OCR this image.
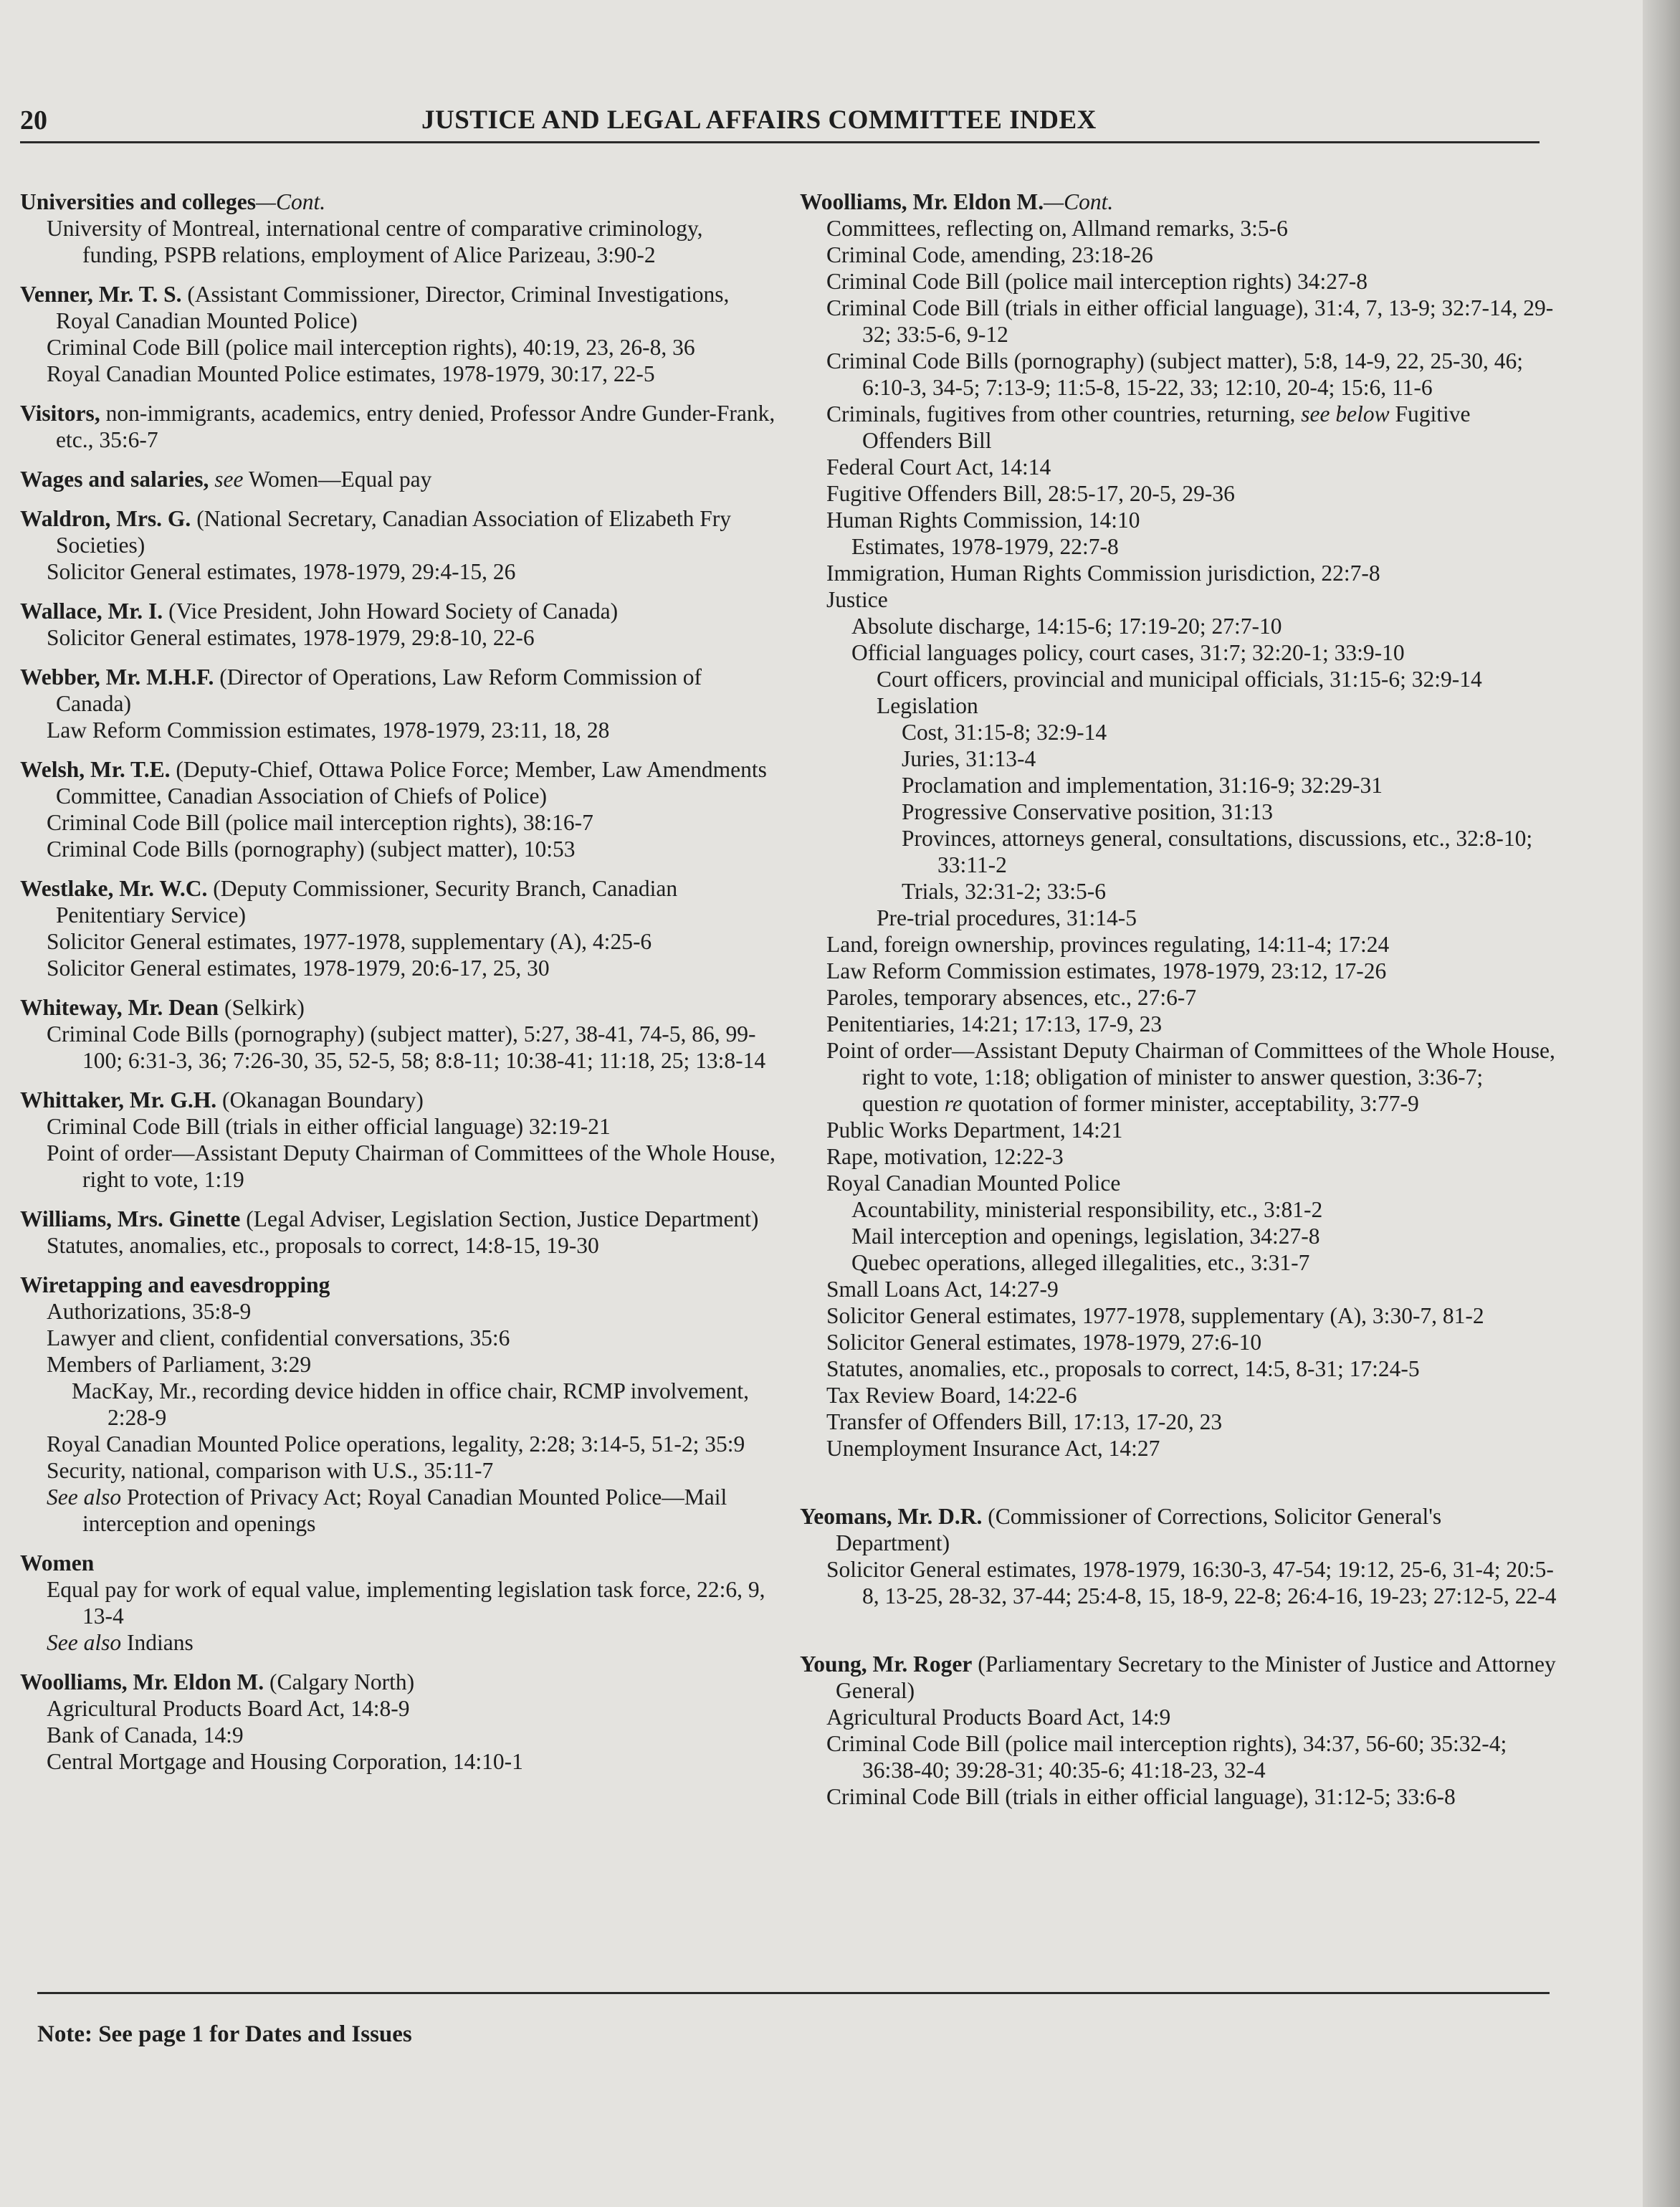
20	JUSTICE AND LEGAL AFFAIRS COMMITTEE INDEX
Universities and colleges—Cont.
University of Montreal, international centre of comparative criminology, funding, PSPB relations, employment of Alice Parizeau, 3:90-2
Venner, Mr. T. S. (Assistant Commissioner, Director, Criminal Investigations, Royal Canadian Mounted Police)
Criminal Code Bill (police mail interception rights), 40:19, 23, 26-8, 36
Royal Canadian Mounted Police estimates, 1978-1979, 30:17, 22-5
Visitors, non-immigrants, academics, entry denied, Professor Andre Gunder-Frank, etc., 35:6-7
Wages and salaries, see Women—Equal pay
Waldron, Mrs. G. (National Secretary, Canadian Association of Elizabeth Fry Societies)
Solicitor General estimates, 1978-1979, 29:4-15, 26
Wallace, Mr. I. (Vice President, John Howard Society of Canada)
Solicitor General estimates, 1978-1979, 29:8-10, 22-6
Webber, Mr. M.H.F. (Director of Operations, Law Reform Commission of Canada)
Law Reform Commission estimates, 1978-1979, 23:11, 18, 28
Welsh, Mr. T.E. (Deputy-Chief, Ottawa Police Force; Member, Law Amendments Committee, Canadian Association of Chiefs of Police)
Criminal Code Bill (police mail interception rights), 38:16-7
Criminal Code Bills (pornography) (subject matter), 10:53
Westlake, Mr. W.C. (Deputy Commissioner, Security Branch, Canadian Penitentiary Service)
Solicitor General estimates, 1977-1978, supplementary (A), 4:25-6
Solicitor General estimates, 1978-1979, 20:6-17, 25, 30
Whiteway, Mr. Dean (Selkirk)
Criminal Code Bills (pornography) (subject matter), 5:27, 38-41, 74-5, 86, 99-100; 6:31-3, 36; 7:26-30, 35, 52-5, 58; 8:8-11; 10:38-41; 11:18, 25; 13:8-14
Whittaker, Mr. G.H. (Okanagan Boundary)
Criminal Code Bill (trials in either official language) 32:19-21
Point of order—Assistant Deputy Chairman of Committees of the Whole House, right to vote, 1:19
Williams, Mrs. Ginette (Legal Adviser, Legislation Section, Justice Department)
Statutes, anomalies, etc., proposals to correct, 14:8-15, 19-30
Wiretapping and eavesdropping
Authorizations, 35:8-9
Lawyer and client, confidential conversations, 35:6
Members of Parliament, 3:29
MacKay, Mr., recording device hidden in office chair, RCMP involvement, 2:28-9
Royal Canadian Mounted Police operations, legality, 2:28; 3:14-5, 51-2; 35:9
Security, national, comparison with U.S., 35:11-7
See also Protection of Privacy Act; Royal Canadian Mounted Police—Mail interception and openings
Women
Equal pay for work of equal value, implementing legislation task force, 22:6, 9, 13-4
See also Indians
Woolliams, Mr. Eldon M. (Calgary North)
Agricultural Products Board Act, 14:8-9
Bank of Canada, 14:9
Central Mortgage and Housing Corporation, 14:10-1
Woolliams, Mr. Eldon M.—Cont.
Committees, reflecting on, Allmand remarks, 3:5-6
Criminal Code, amending, 23:18-26
Criminal Code Bill (police mail interception rights) 34:27-8
Criminal Code Bill (trials in either official language), 31:4, 7, 13-9; 32:7-14, 29-32; 33:5-6, 9-12
Criminal Code Bills (pornography) (subject matter), 5:8, 14-9, 22, 25-30, 46; 6:10-3, 34-5; 7:13-9; 11:5-8, 15-22, 33; 12:10, 20-4; 15:6, 11-6
Criminals, fugitives from other countries, returning, see below Fugitive Offenders Bill
Federal Court Act, 14:14
Fugitive Offenders Bill, 28:5-17, 20-5, 29-36
Human Rights Commission, 14:10
Estimates, 1978-1979, 22:7-8
Immigration, Human Rights Commission jurisdiction, 22:7-8
Justice
Absolute discharge, 14:15-6; 17:19-20; 27:7-10
Official languages policy, court cases, 31:7; 32:20-1; 33:9-10
Court officers, provincial and municipal officials, 31:15-6; 32:9-14
Legislation
Cost, 31:15-8; 32:9-14
Juries, 31:13-4
Proclamation and implementation, 31:16-9; 32:29-31
Progressive Conservative position, 31:13
Provinces, attorneys general, consultations, discussions, etc., 32:8-10; 33:11-2
Trials, 32:31-2; 33:5-6
Pre-trial procedures, 31:14-5
Land, foreign ownership, provinces regulating, 14:11-4; 17:24
Law Reform Commission estimates, 1978-1979, 23:12, 17-26
Paroles, temporary absences, etc., 27:6-7
Penitentiaries, 14:21; 17:13, 17-9, 23
Point of order—Assistant Deputy Chairman of Committees of the Whole House, right to vote, 1:18; obligation of minister to answer question, 3:36-7; question re quotation of former minister, acceptability, 3:77-9
Public Works Department, 14:21
Rape, motivation, 12:22-3
Royal Canadian Mounted Police
Acountability, ministerial responsibility, etc., 3:81-2
Mail interception and openings, legislation, 34:27-8
Quebec operations, alleged illegalities, etc., 3:31-7
Small Loans Act, 14:27-9
Solicitor General estimates, 1977-1978, supplementary (A), 3:30-7, 81-2
Solicitor General estimates, 1978-1979, 27:6-10
Statutes, anomalies, etc., proposals to correct, 14:5, 8-31; 17:24-5
Tax Review Board, 14:22-6
Transfer of Offenders Bill, 17:13, 17-20, 23
Unemployment Insurance Act, 14:27
Yeomans, Mr. D.R. (Commissioner of Corrections, Solicitor General's Department)
Solicitor General estimates, 1978-1979, 16:30-3, 47-54; 19:12, 25-6, 31-4; 20:5-8, 13-25, 28-32, 37-44; 25:4-8, 15, 18-9, 22-8; 26:4-16, 19-23; 27:12-5, 22-4
Young, Mr. Roger (Parliamentary Secretary to the Minister of Justice and Attorney General)
Agricultural Products Board Act, 14:9
Criminal Code Bill (police mail interception rights), 34:37, 56-60; 35:32-4; 36:38-40; 39:28-31; 40:35-6; 41:18-23, 32-4
Criminal Code Bill (trials in either official language), 31:12-5; 33:6-8
Note: See page 1 for Dates and Issues
